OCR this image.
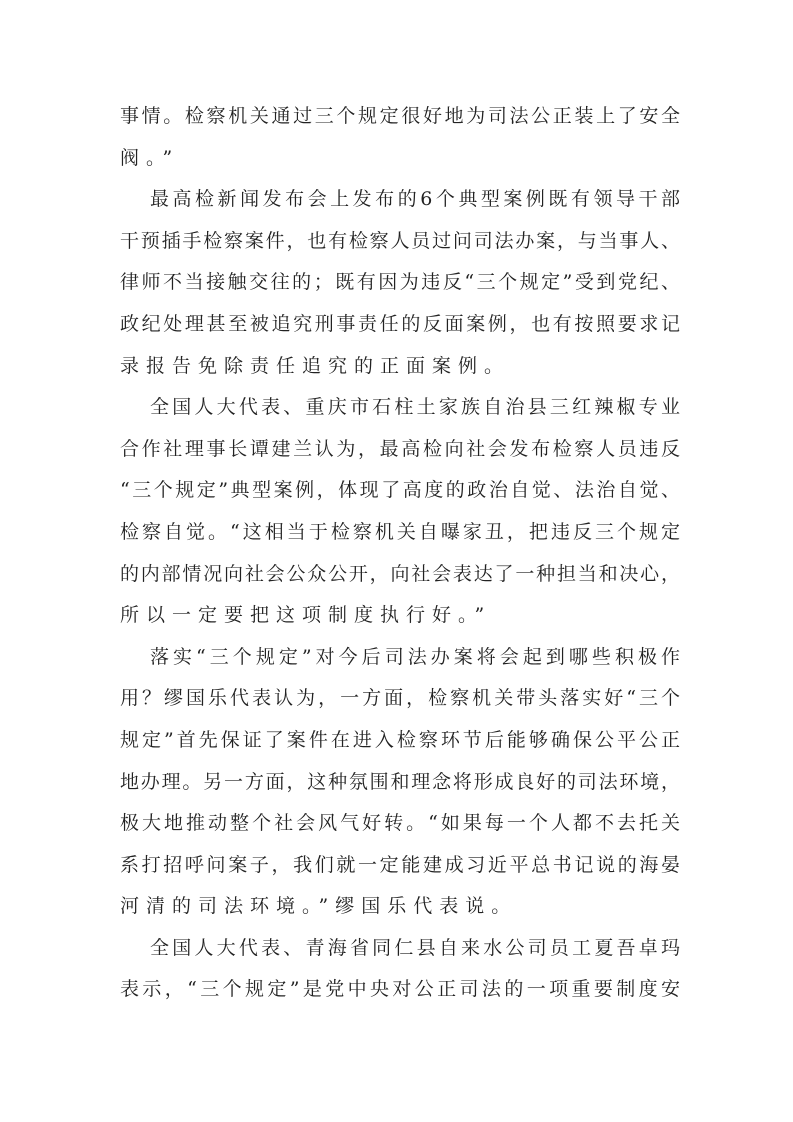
事情。检察机关通过三个规定很好地为司法公正装上了安全
阀。”
最高检新闻发布会上发布的6个典型案例既有领导干部
干预插手检察案件，也有检察人员过问司法办案，与当事人、
律师不当接触交往的；既有因为违反“三个规定”受到党纪、
政纪处理甚至被追究刑事责任的反面案例，也有按照要求记
录报告免除责任追究的正面案例。
全国人大代表、重庆市石柱土家族自治县三红辣椒专业
合作社理事长谭建兰认为，最高检向社会发布检察人员违反
“三个规定”典型案例，体现了高度的政治自觉、法治自觉、
检察自觉。“这相当于检察机关自曝家丑，把违反三个规定
的内部情况向社会公众公开，向社会表达了一种担当和决心，
所以一定要把这项制度执行好。”
落实“三个规定”对今后司法办案将会起到哪些积极作
用？缪国乐代表认为，一方面，检察机关带头落实好“三个
规定”首先保证了案件在进入检察环节后能够确保公平公正
地办理。另一方面，这种氛围和理念将形成良好的司法环境，
极大地推动整个社会风气好转。“如果每一个人都不去托关
系打招呼问案子，我们就一定能建成习近平总书记说的海晏
河清的司法环境。”缪国乐代表说。
全国人大代表、青海省同仁县自来水公司员工夏吾卓玛
表示，“三个规定”是党中央对公正司法的一项重要制度安
